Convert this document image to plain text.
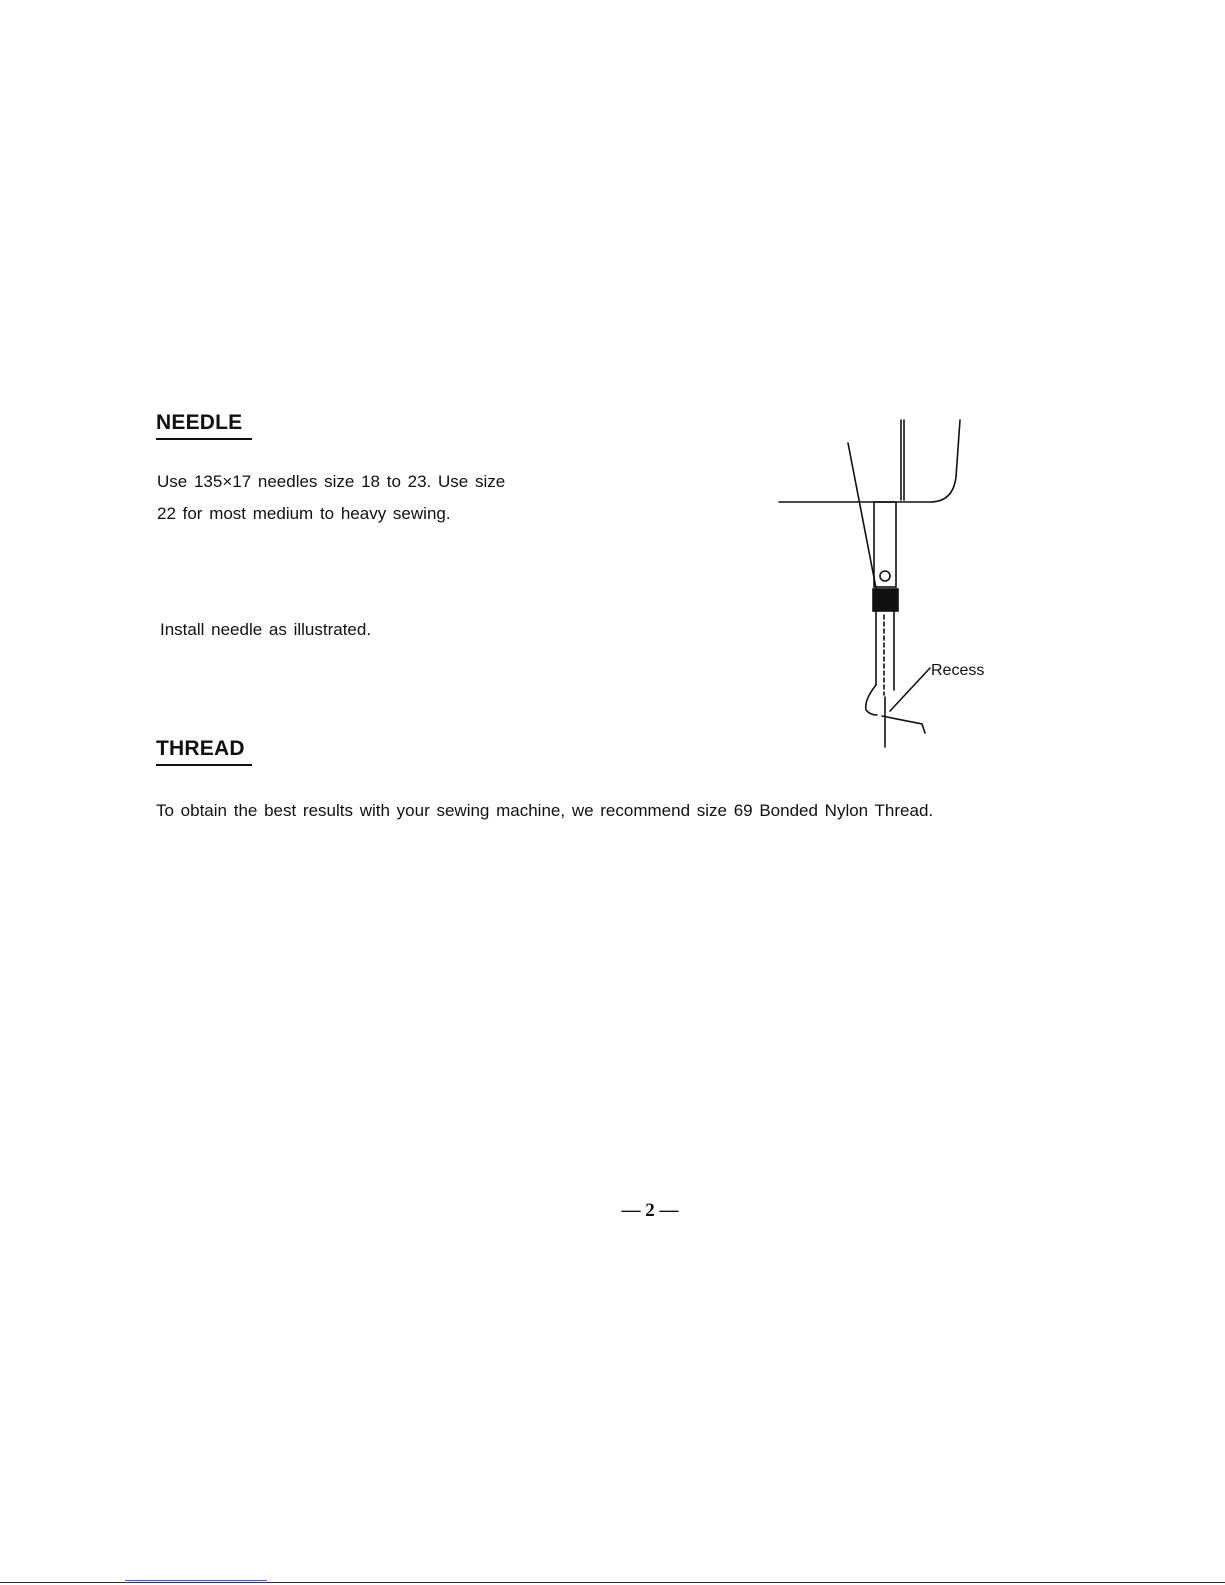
NEEDLE

Use 135×17 needles size 18 to 23. Use size
22 for most medium to heavy sewing.

Install needle as illustrated.

Recess
THREAD

To obtain the best results with your sewing machine, we recommend size 69 Bonded Nylon Thread.

— 2 —
